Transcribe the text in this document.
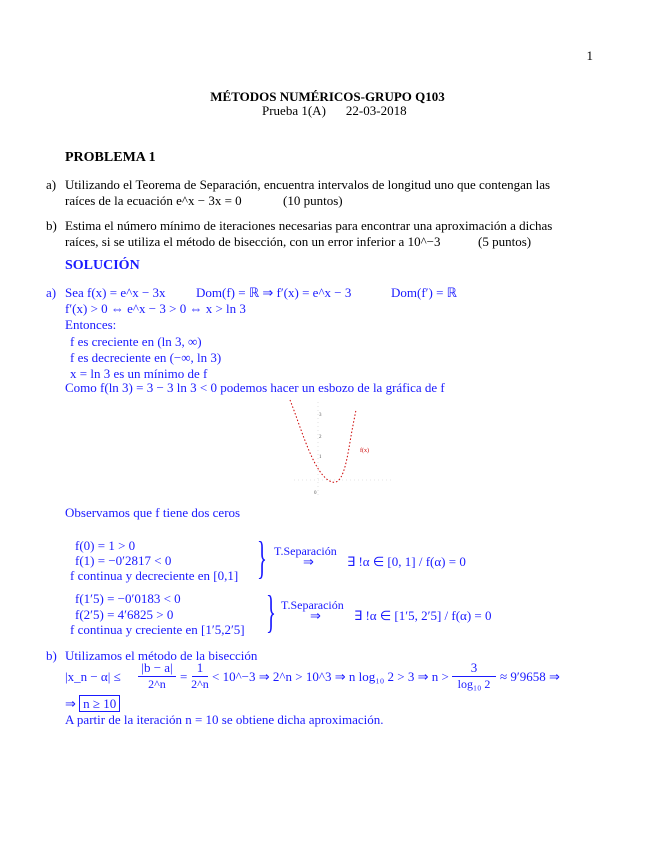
1
MÉTODOS NUMÉRICOS-GRUPO Q103
Prueba 1(A) 22-03-2018
PROBLEMA 1
a) Utilizando el Teorema de Separación, encuentra intervalos de longitud uno que contengan las
raíces de la ecuación e^x − 3x = 0	(10 puntos)
b) Estima el número mínimo de iteraciones necesarias para encontrar una aproximación a dichas
raíces, si se utiliza el método de bisección, con un error inferior a 10^−3	(5 puntos)
SOLUCIÓN
a) Sea f(x) = e^x − 3x Dom(f) = ℝ ⇒ f′(x) = e^x − 3	Dom(f′) = ℝ
f′(x) > 0 ⇔ e^x − 3 > 0 ⇔ x > ln 3
Entonces:
f es creciente en (ln 3, ∞)
f es decreciente en (−∞, ln 3)
x = ln 3 es un mínimo de f
Como f(ln 3) = 3 − 3 ln 3 < 0 podemos hacer un esbozo de la gráfica de f
3
2
1
f(x)
0
Observamos que f tiene dos ceros
f(0) = 1 > 0
f(1) = −0′2817 < 0
f continua y decreciente en [0,1] } T.Separación
⇒	∃ !α ∈ [0, 1] / f(α) = 0
f(1′5) = −0′0183 < 0
f(2′5) = 4′6825 > 0
f continua y creciente en [1′5,2′5] } T.Separación
⇒	∃ !α ∈ [1′5, 2′5] / f(α) = 0
b) Utilizamos el método de la bisección
|x_n − α| ≤
|b − a|
2^n	=
1
2^n < 10^−3 ⇒ 2^n > 10^3 ⇒ n log₁₀ 2 > 3 ⇒ n >
3
log₁₀ 2 ≈ 9′9658 ⇒
⇒ n ≥ 10
A partir de la iteración n = 10 se obtiene dicha aproximación.
